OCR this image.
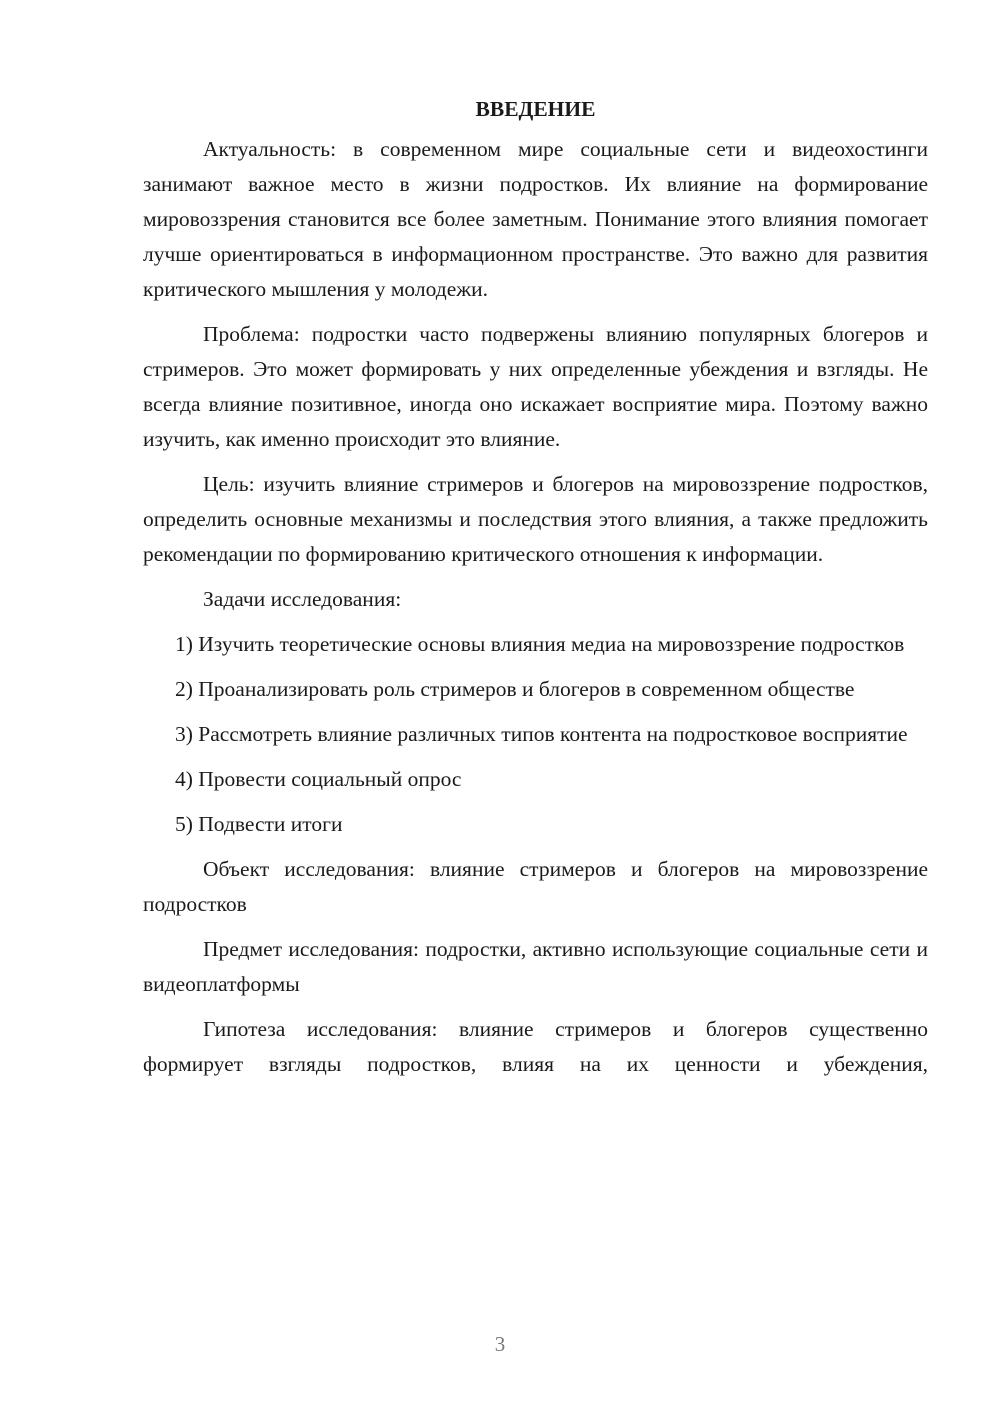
ВВЕДЕНИЕ

Актуальность: в современном мире социальные сети и видеохостинги занимают важное место в жизни подростков. Их влияние на формирование мировоззрения становится все более заметным. Понимание этого влияния помогает лучше ориентироваться в информационном пространстве. Это важно для развития критического мышления у молодежи.

Проблема: подростки часто подвержены влиянию популярных блогеров и стримеров. Это может формировать у них определенные убеждения и взгляды. Не всегда влияние позитивное, иногда оно искажает восприятие мира. Поэтому важно изучить, как именно происходит это влияние.

Цель: изучить влияние стримеров и блогеров на мировоззрение подростков, определить основные механизмы и последствия этого влияния, а также предложить рекомендации по формированию критического отношения к информации.

Задачи исследования:

1) Изучить теоретические основы влияния медиа на мировоззрение подростков

2) Проанализировать роль стримеров и блогеров в современном обществе

3) Рассмотреть влияние различных типов контента на подростковое восприятие

4) Провести социальный опрос

5) Подвести итоги

Объект исследования: влияние стримеров и блогеров на мировоззрение подростков

Предмет исследования: подростки, активно использующие социальные сети и видеоплатформы

Гипотеза исследования: влияние стримеров и блогеров существенно формирует взгляды подростков, влияя на их ценности и убеждения,

3
